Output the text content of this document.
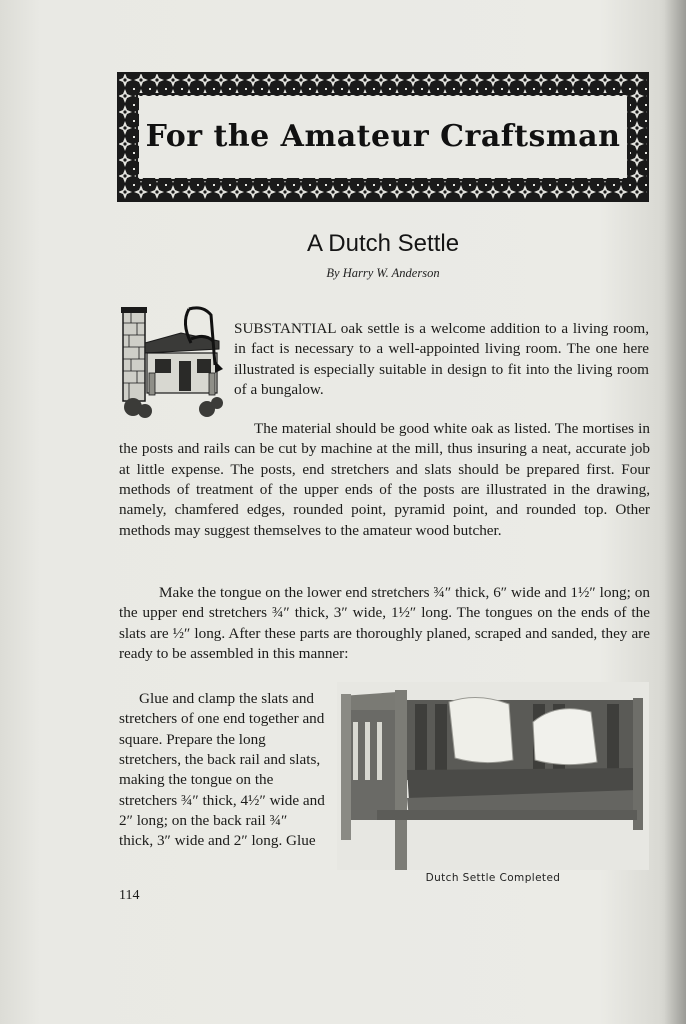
For the Amateur Craftsman
A Dutch Settle
By Harry W. Anderson

SUBSTANTIAL oak settle is a welcome addition to a living room, in fact is necessary to a well-appointed living room. The one here illustrated is especially suitable in design to fit into the living room of a bungalow.

The material should be good white oak as listed. The mortises in the posts and rails can be cut by machine at the mill, thus insuring a neat, accurate job at little expense. The posts, end stretchers and slats should be prepared first. Four methods of treatment of the upper ends of the posts are illustrated in the drawing, namely, chamfered edges, rounded point, pyramid point, and rounded top. Other methods may suggest themselves to the amateur wood butcher.

Make the tongue on the lower end stretchers ¾″ thick, 6″ wide and 1½″ long; on the upper end stretchers ¾″ thick, 3″ wide, 1½″ long. The tongues on the ends of the slats are ½″ long. After these parts are thoroughly planed, scraped and sanded, they are ready to be assembled in this manner:

Glue and clamp the slats and stretchers of one end together and square. Prepare the long stretchers, the back rail and slats, making the tongue on the stretchers ¾″ thick, 4½″ wide and 2″ long; on the back rail ¾″ thick, 3″ wide and 2″ long. Glue

Dutch Settle Completed
114
